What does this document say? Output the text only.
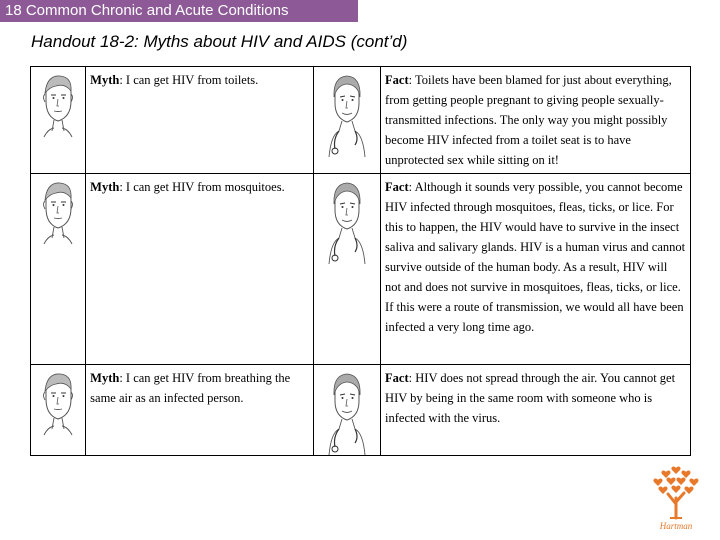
18 Common Chronic and Acute Conditions
Handout 18-2: Myths about HIV and AIDS (cont’d)
	Myth: I can get HIV from toilets.		Fact: Toilets have been blamed for just about everything, from getting people pregnant to giving people sexually-transmitted infections. The only way you might possibly become HIV infected from a toilet seat is to have unprotected sex while sitting on it!

	Myth: I can get HIV from mosquitoes.		Fact: Although it sounds very possible, you cannot become HIV infected through mosquitoes, fleas, ticks, or lice. For this to happen, the HIV would have to survive in the insect saliva and salivary glands. HIV is a human virus and cannot survive outside of the human body. As a result, HIV will not and does not survive in mosquitoes, fleas, ticks, or lice. If this were a route of transmission, we would all have been infected a very long time ago.

	Myth: I can get HIV from breathing the same air as an infected person.		Fact: HIV does not spread through the air. You cannot get HIV by being in the same room with someone who is infected with the virus.
Hartman
